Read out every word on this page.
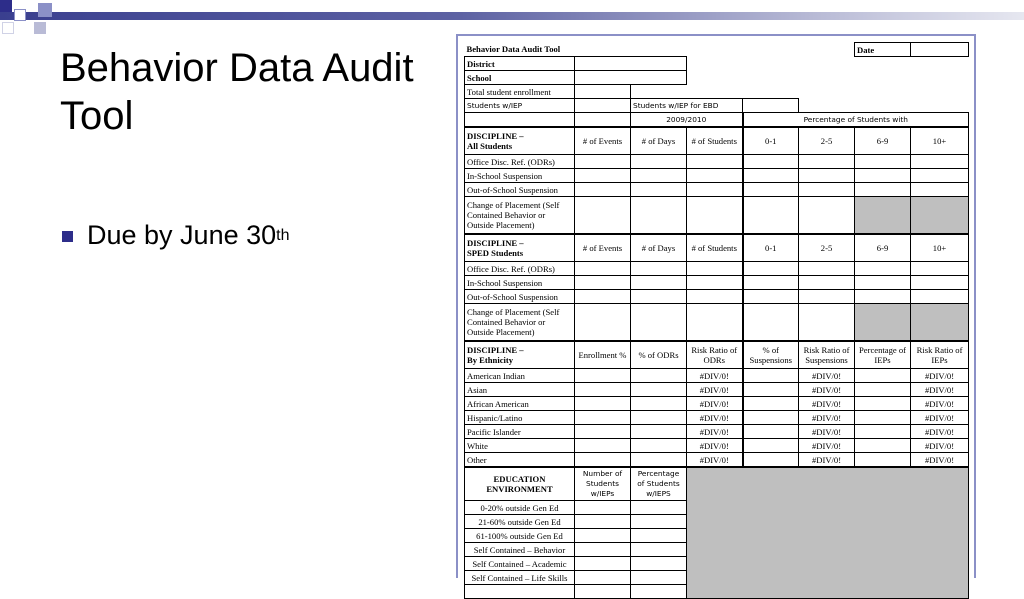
Behavior Data Audit Tool
Due by June 30 th
Behavior Data Audit Tool						Date	
District							
School							
Total student enrollment							
Students w/IEP		Students w/IEP for EBD					
		2009/2010		Percentage of Students with			

DISCIPLINE –
All Students	# of Events	# of Days	# of Students	0-1	2-5	6-9	10+
Office Disc. Ref. (ODRs)							
In-School Suspension							
Out-of-School Suspension							
Change of Placement (Self Contained Behavior or Outside Placement)							

DISCIPLINE –
SPED Students	# of Events	# of Days	# of Students	0-1	2-5	6-9	10+
Office Disc. Ref. (ODRs)							
In-School Suspension							
Out-of-School Suspension							
Change of Placement (Self Contained Behavior or Outside Placement)							

DISCIPLINE –
By Ethnicity	Enrollment %	% of ODRs	Risk Ratio of ODRs	% of Suspensions	Risk Ratio of Suspensions	Percentage of IEPs	Risk Ratio of IEPs
American Indian			#DIV/0!		#DIV/0!		#DIV/0!
Asian			#DIV/0!		#DIV/0!		#DIV/0!
African American			#DIV/0!		#DIV/0!		#DIV/0!
Hispanic/Latino			#DIV/0!		#DIV/0!		#DIV/0!
Pacific Islander			#DIV/0!		#DIV/0!		#DIV/0!
White			#DIV/0!		#DIV/0!		#DIV/0!
Other			#DIV/0!		#DIV/0!		#DIV/0!
EDUCATION ENVIRONMENT	Number of Students w/IEPs	Percentage of Students w/IEPS					
0-20% outside Gen Ed							
21-60% outside Gen Ed							
61-100% outside Gen Ed							
Self Contained – Behavior							
Self Contained – Academic							
Self Contained – Life Skills							
